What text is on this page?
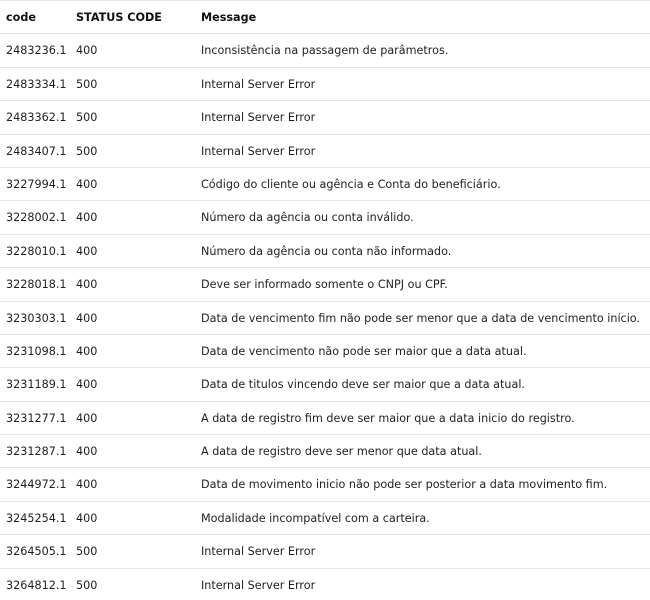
code	STATUS CODE	Message
2483236.1 400	Inconsistência na passagem de parâmetros.
2483334.1 500	Internal Server Error
2483362.1 500	Internal Server Error
2483407.1 500	Internal Server Error
3227994.1 400	Código do cliente ou agência e Conta do beneficiário.
3228002.1 400	Número da agência ou conta inválido.
3228010.1 400	Número da agência ou conta não informado.
3228018.1 400	Deve ser informado somente o CNPJ ou CPF.
3230303.1 400	Data de vencimento fim não pode ser menor que a data de vencimento início.
3231098.1 400	Data de vencimento não pode ser maior que a data atual.
3231189.1 400	Data de titulos vincendo deve ser maior que a data atual.
3231277.1 400	A data de registro fim deve ser maior que a data inicio do registro.
3231287.1 400	A data de registro deve ser menor que data atual.
3244972.1 400	Data de movimento inicio não pode ser posterior a data movimento fim.
3245254.1 400	Modalidade incompatível com a carteira.
3264505.1 500	Internal Server Error
3264812.1 500	Internal Server Error
